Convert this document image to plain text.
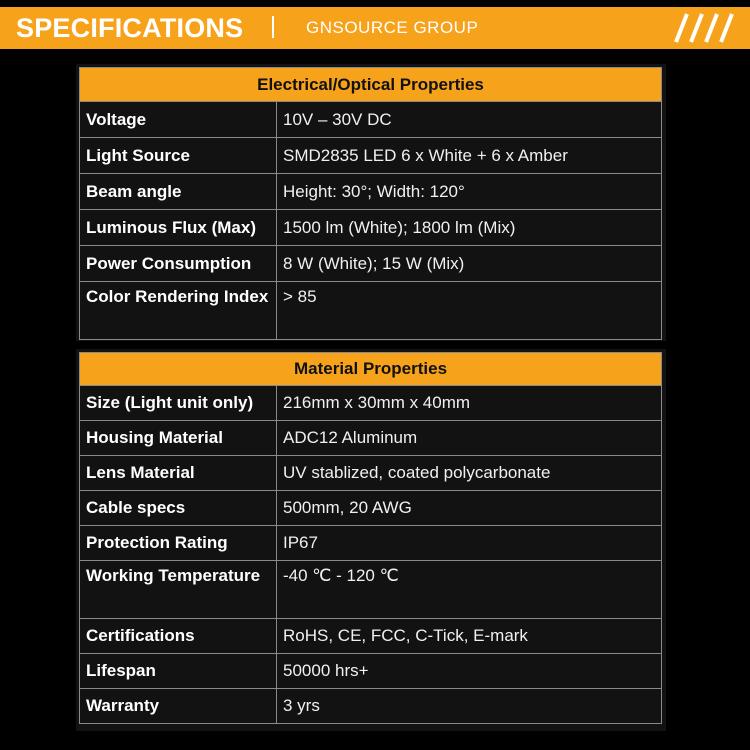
SPECIFICATIONS	GNSOURCE GROUP
Electrical/Optical Properties	
Voltage	10V – 30V DC
Light Source	SMD2835 LED 6 x White + 6 x Amber
Beam angle	Height: 30°; Width: 120°
Luminous Flux (Max)	1500 lm (White); 1800 lm (Mix)
Power Consumption	8 W (White); 15 W (Mix)
Color Rendering Index	> 85
Material Properties	
Size (Light unit only)	216mm x 30mm x 40mm
Housing Material	ADC12 Aluminum
Lens Material	UV stablized, coated polycarbonate
Cable specs	500mm, 20 AWG
Protection Rating	IP67
Working Temperature	-40 ℃ - 120 ℃
Certifications	RoHS, CE, FCC, C-Tick, E-mark
Lifespan	50000 hrs+
Warranty	3 yrs
